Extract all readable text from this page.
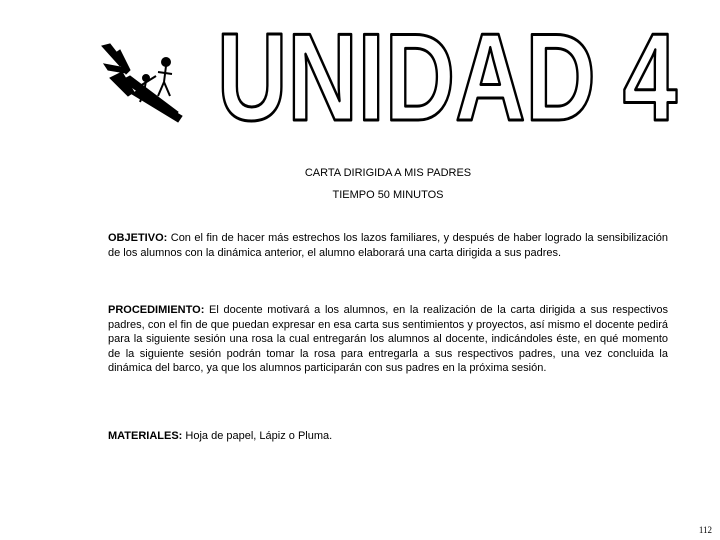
UNIDAD 4
CARTA DIRIGIDA A MIS PADRES
TIEMPO 50 MINUTOS
OBJETIVO: Con el fin de hacer más estrechos los lazos familiares, y después de haber logrado la sensibilización de los alumnos con la dinámica anterior, el alumno elaborará una carta dirigida a sus padres.
PROCEDIMIENTO: El docente motivará a los alumnos, en la realización de la carta dirigida a sus respectivos padres, con el fin de que puedan expresar en esa carta sus sentimientos y proyectos, así mismo el docente pedirá para la siguiente sesión una rosa la cual entregarán los alumnos al docente, indicándoles éste, en qué momento de la siguiente sesión podrán tomar la rosa para entregarla a sus respectivos padres, una vez concluida la dinámica del barco, ya que los alumnos participarán con sus padres en la próxima sesión.
MATERIALES: Hoja de papel, Lápiz o Pluma.
112
